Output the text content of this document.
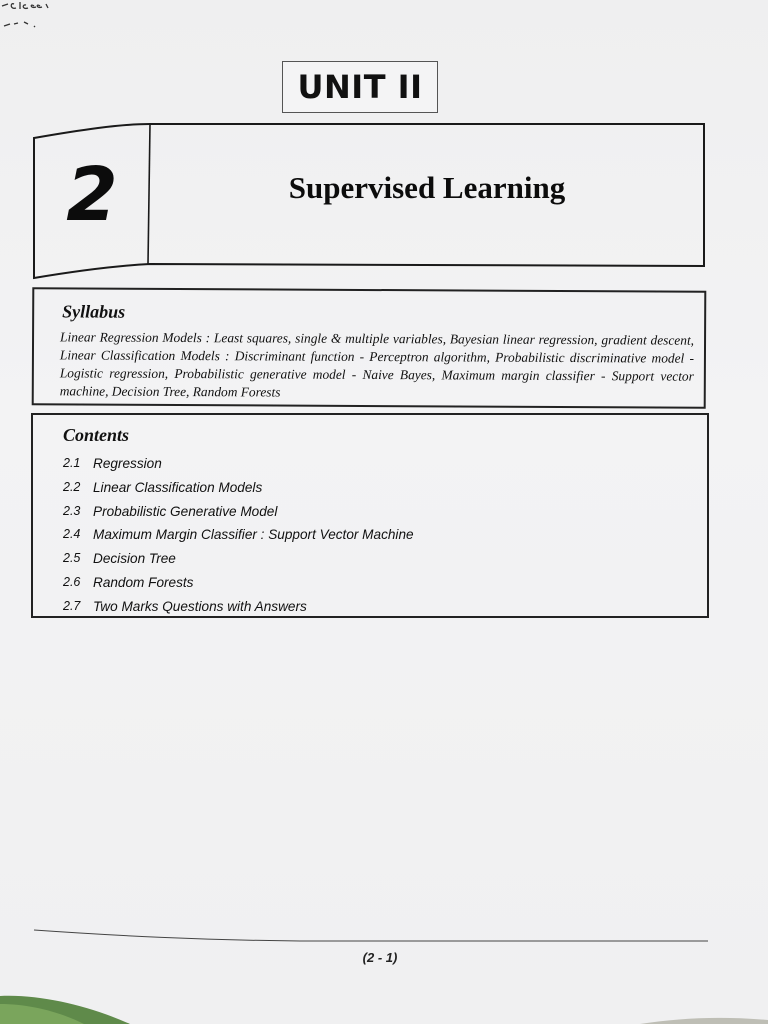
UNIT II
2	Supervised Learning
Syllabus

Linear Regression Models : Least squares, single & multiple variables, Bayesian linear regression, gradient descent, Linear Classification Models : Discriminant function - Perceptron algorithm, Probabilistic discriminative model - Logistic regression, Probabilistic generative model - Naive Bayes, Maximum margin classifier - Support vector machine, Decision Tree, Random Forests

Contents
2.1 Regression
2.2 Linear Classification Models
2.3 Probabilistic Generative Model
2.4 Maximum Margin Classifier : Support Vector Machine
2.5 Decision Tree
2.6 Random Forests
2.7 Two Marks Questions with Answers
(2 - 1)
